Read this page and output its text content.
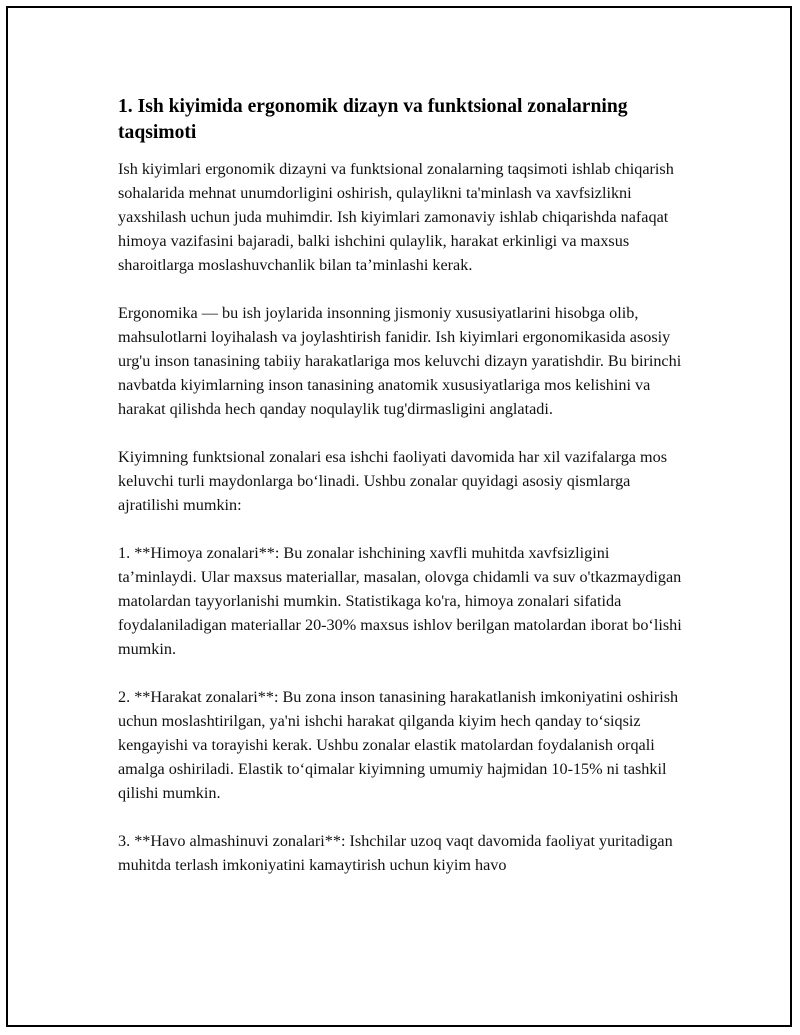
1. Ish kiyimida ergonomik dizayn va funktsional zonalarning taqsimoti

Ish kiyimlari ergonomik dizayni va funktsional zonalarning taqsimoti ishlab chiqarish sohalarida mehnat unumdorligini oshirish, qulaylikni ta'minlash va xavfsizlikni yaxshilash uchun juda muhimdir. Ish kiyimlari zamonaviy ishlab chiqarishda nafaqat himoya vazifasini bajaradi, balki ishchini qulaylik, harakat erkinligi va maxsus sharoitlarga moslashuvchanlik bilan ta’minlashi kerak.

Ergonomika — bu ish joylarida insonning jismoniy xususiyatlarini hisobga olib, mahsulotlarni loyihalash va joylashtirish fanidir. Ish kiyimlari ergonomikasida asosiy urg'u inson tanasining tabiiy harakatlariga mos keluvchi dizayn yaratishdir. Bu birinchi navbatda kiyimlarning inson tanasining anatomik xususiyatlariga mos kelishini va harakat qilishda hech qanday noqulaylik tug'dirmasligini anglatadi.

Kiyimning funktsional zonalari esa ishchi faoliyati davomida har xil vazifalarga mos keluvchi turli maydonlarga boʻlinadi. Ushbu zonalar quyidagi asosiy qismlarga ajratilishi mumkin:

1. **Himoya zonalari**: Bu zonalar ishchining xavfli muhitda xavfsizligini ta’minlaydi. Ular maxsus materiallar, masalan, olovga chidamli va suv o'tkazmaydigan matolardan tayyorlanishi mumkin. Statistikaga ko'ra, himoya zonalari sifatida foydalaniladigan materiallar 20-30% maxsus ishlov berilgan matolardan iborat boʻlishi mumkin.

2. **Harakat zonalari**: Bu zona inson tanasining harakatlanish imkoniyatini oshirish uchun moslashtirilgan, ya'ni ishchi harakat qilganda kiyim hech qanday toʻsiqsiz kengayishi va torayishi kerak. Ushbu zonalar elastik matolardan foydalanish orqali amalga oshiriladi. Elastik toʻqimalar kiyimning umumiy hajmidan 10-15% ni tashkil qilishi mumkin.

3. **Havo almashinuvi zonalari**: Ishchilar uzoq vaqt davomida faoliyat yuritadigan muhitda terlash imkoniyatini kamaytirish uchun kiyim havo
